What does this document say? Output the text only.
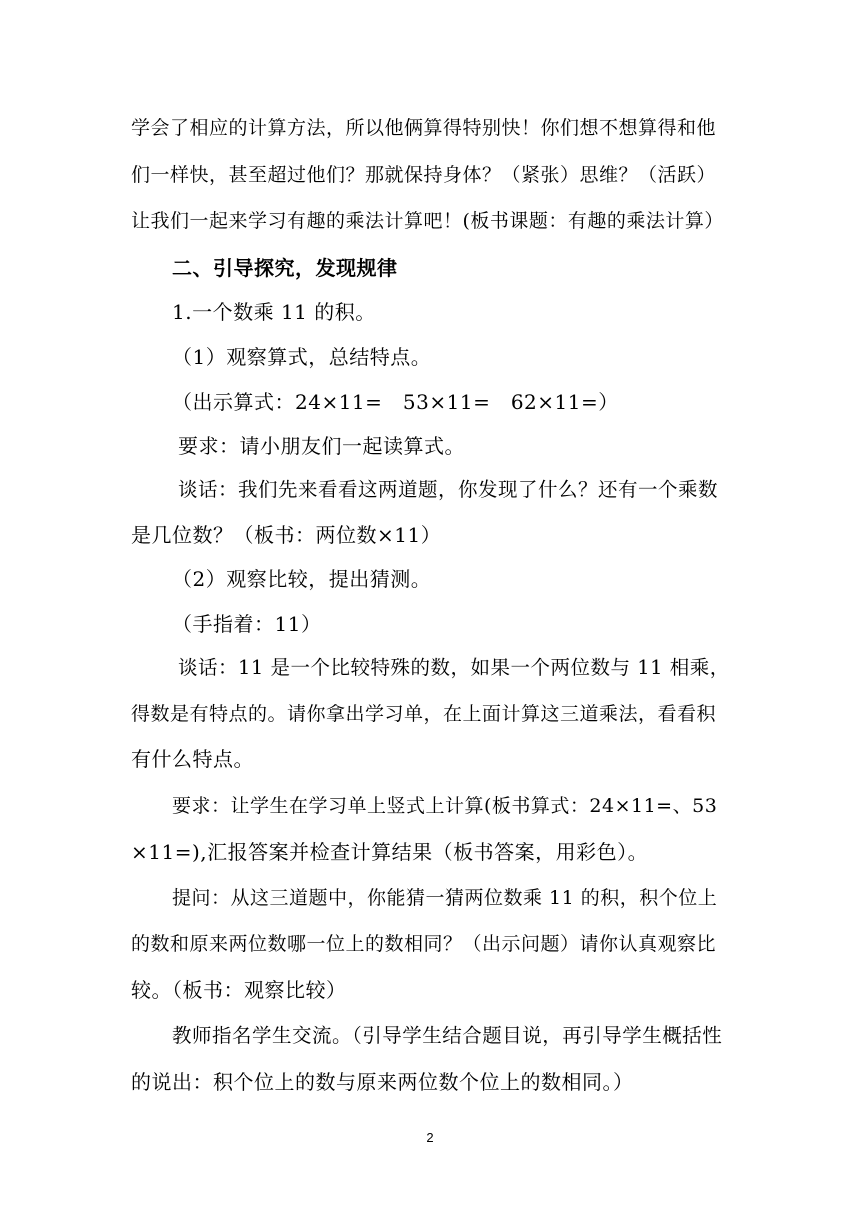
学会了相应的计算方法，所以他俩算得特别快！你们想不想算得和他
们一样快，甚至超过他们？那就保持身体？（紧张）思维？（活跃）
让我们一起来学习有趣的乘法计算吧！(板书课题：有趣的乘法计算）
二、引导探究，发现规律
1.一个数乘 11 的积。
（1）观察算式，总结特点。
（出示算式：24×11=　53×11=　62×11=）
要求：请小朋友们一起读算式。
谈话：我们先来看看这两道题，你发现了什么？还有一个乘数
是几位数？（板书：两位数×11）
（2）观察比较，提出猜测。
（手指着：11）
谈话：11 是一个比较特殊的数，如果一个两位数与 11 相乘，
得数是有特点的。请你拿出学习单，在上面计算这三道乘法，看看积
有什么特点。
要求：让学生在学习单上竖式上计算(板书算式：24×11=、53
×11=),汇报答案并检查计算结果（板书答案，用彩色）。
提问：从这三道题中，你能猜一猜两位数乘 11 的积，积个位上
的数和原来两位数哪一位上的数相同？（出示问题）请你认真观察比
较。（板书：观察比较）
教师指名学生交流。（引导学生结合题目说，再引导学生概括性
的说出：积个位上的数与原来两位数个位上的数相同。）
2
